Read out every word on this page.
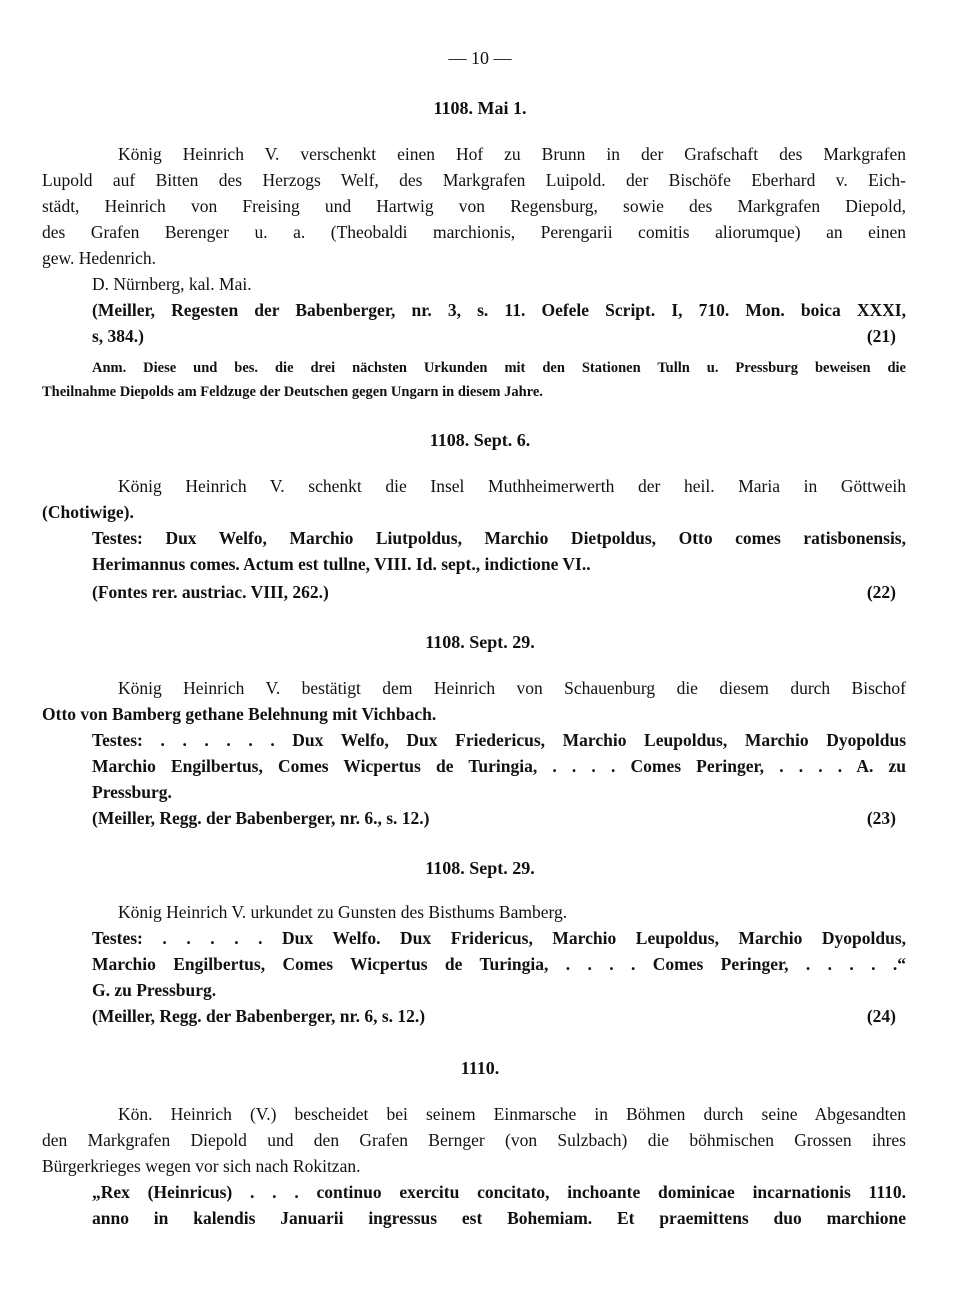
— 10 —
1108. Mai 1.
König Heinrich V. verschenkt einen Hof zu Brunn in der Grafschaft des Markgrafen
Lupold auf Bitten des Herzogs Welf, des Markgrafen Luipold. der Bischöfe Eberhard v. Eich-
städt, Heinrich von Freising und Hartwig von Regensburg, sowie des Markgrafen Diepold,
des Grafen Berenger u. a. (Theobaldi marchionis, Perengarii comitis aliorumque) an einen
gew. Hedenrich.
D. Nürnberg, kal. Mai.
(Meiller, Regesten der Babenberger, nr. 3, s. 11. Oefele Script. I, 710. Mon. boica XXXI,
s, 384.)	(21)
Anm. Diese und bes. die drei nächsten Urkunden mit den Stationen Tulln u. Pressburg beweisen die
Theilnahme Diepolds am Feldzuge der Deutschen gegen Ungarn in diesem Jahre.
1108. Sept. 6.
König Heinrich V. schenkt die Insel Muthheimerwerth der heil. Maria in Göttweih
(Chotiwige).
Testes: Dux Welfo, Marchio Liutpoldus, Marchio Dietpoldus, Otto comes ratisbonensis,
Herimannus comes. Actum est tullne, VIII. Id. sept., indictione VI..
(Fontes rer. austriac. VIII, 262.)	(22)
1108. Sept. 29.
König Heinrich V. bestätigt dem Heinrich von Schauenburg die diesem durch Bischof
Otto von Bamberg gethane Belehnung mit Vichbach.
Testes: . . . . . . Dux Welfo, Dux Friedericus, Marchio Leupoldus, Marchio Dyopoldus
Marchio Engilbertus, Comes Wicpertus de Turingia, . . . . Comes Peringer, . . . . A. zu
Pressburg.
(Meiller, Regg. der Babenberger, nr. 6., s. 12.)	(23)
1108. Sept. 29.
König Heinrich V. urkundet zu Gunsten des Bisthums Bamberg.
Testes: . . . . . Dux Welfo. Dux Fridericus, Marchio Leupoldus, Marchio Dyopoldus,
Marchio Engilbertus, Comes Wicpertus de Turingia, . . . . Comes Peringer, . . . . .“
G. zu Pressburg.
(Meiller, Regg. der Babenberger, nr. 6, s. 12.)	(24)
1110.
Kön. Heinrich (V.) bescheidet bei seinem Einmarsche in Böhmen durch seine Abgesandten
den Markgrafen Diepold und den Grafen Bernger (von Sulzbach) die böhmischen Grossen ihres
Bürgerkrieges wegen vor sich nach Rokitzan.
„Rex (Heinricus) . . . continuo exercitu concitato, inchoante dominicae incarnationis 1110.
anno in kalendis Januarii ingressus est Bohemiam. Et praemittens duo marchione
